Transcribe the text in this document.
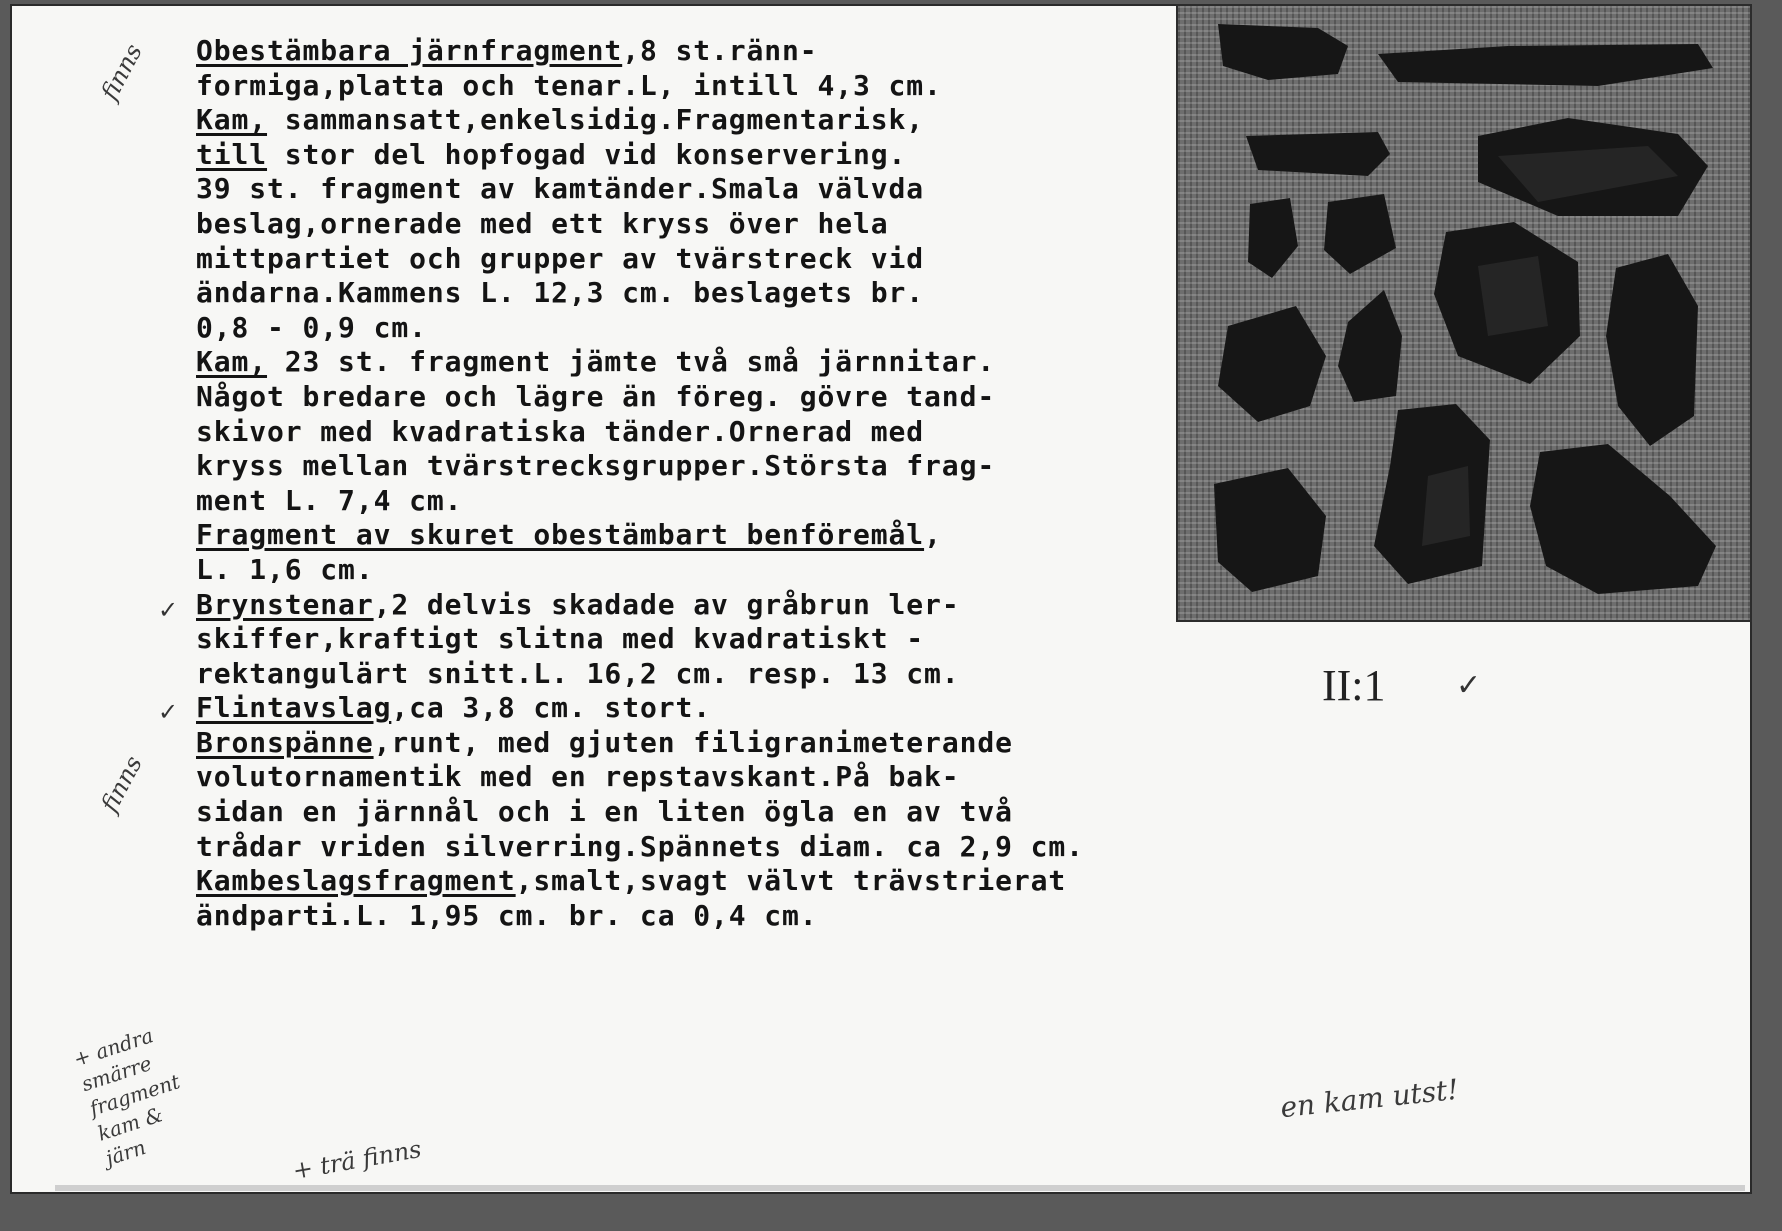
Obestämbara järnfragment,8 st.ränn-
formiga,platta och tenar.L, intill 4,3 cm.
Kam, sammansatt,enkelsidig.Fragmentarisk,
till stor del hopfogad vid konservering.
39 st. fragment av kamtänder.Smala välvda
beslag,ornerade med ett kryss över hela
mittpartiet och grupper av tvärstreck vid
ändarna.Kammens L. 12,3 cm. beslagets br.
0,8 - 0,9 cm.
Kam, 23 st. fragment jämte två små järnnitar.
Något bredare och lägre än föreg. gövre tand-
skivor med kvadratiska tänder.Ornerad med
kryss mellan tvärstrecksgrupper.Största frag-
ment L. 7,4 cm.
Fragment av skuret obestämbart benföremål,
L. 1,6 cm.
Brynstenar,2 delvis skadade av gråbrun ler-
skiffer,kraftigt slitna med kvadratiskt -
rektangulärt snitt.L. 16,2 cm. resp. 13 cm.
Flintavslag,ca 3,8 cm. stort.
Bronspänne,runt, med gjuten filigranimeterande
volutornamentik med en repstavskant.På bak-
sidan en järnnål och i en liten ögla en av två
trådar vriden silverring.Spännets diam. ca 2,9 cm.
Kambeslagsfragment,smalt,svagt välvt trävstrierat
ändparti.L. 1,95 cm. br. ca 0,4 cm.
II:1 ✓
finns
finns
✓
✓
en kam utst!
+ andra
smärre
fragment
kam &
järn	+ trä finns
